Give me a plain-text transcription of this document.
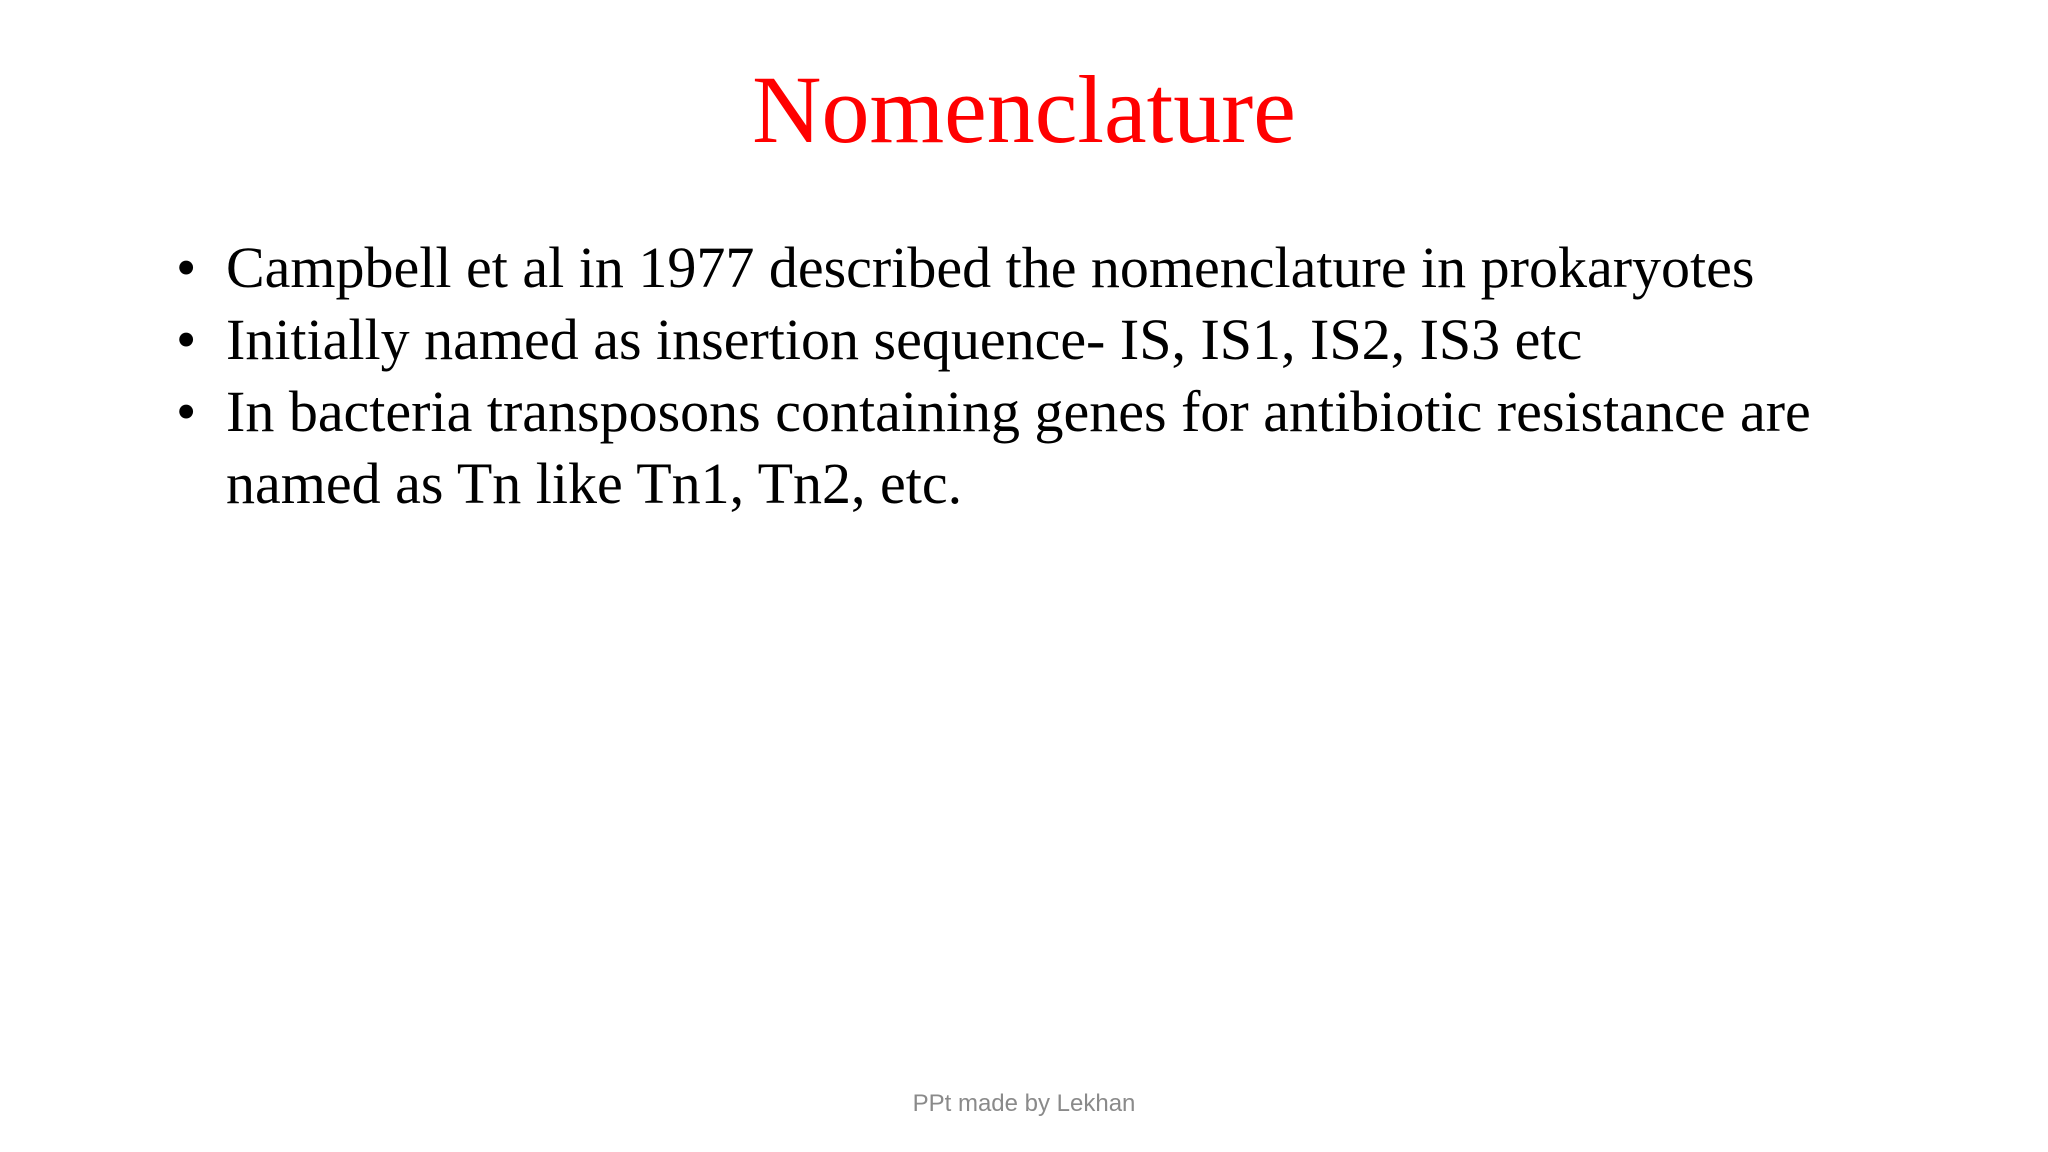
Nomenclature
• Campbell et al in 1977 described the nomenclature in prokaryotes
• Initially named as insertion sequence- IS, IS1, IS2, IS3 etc
• In bacteria transposons containing genes for antibiotic resistance are named as Tn like Tn1, Tn2, etc.
PPt made by Lekhan
